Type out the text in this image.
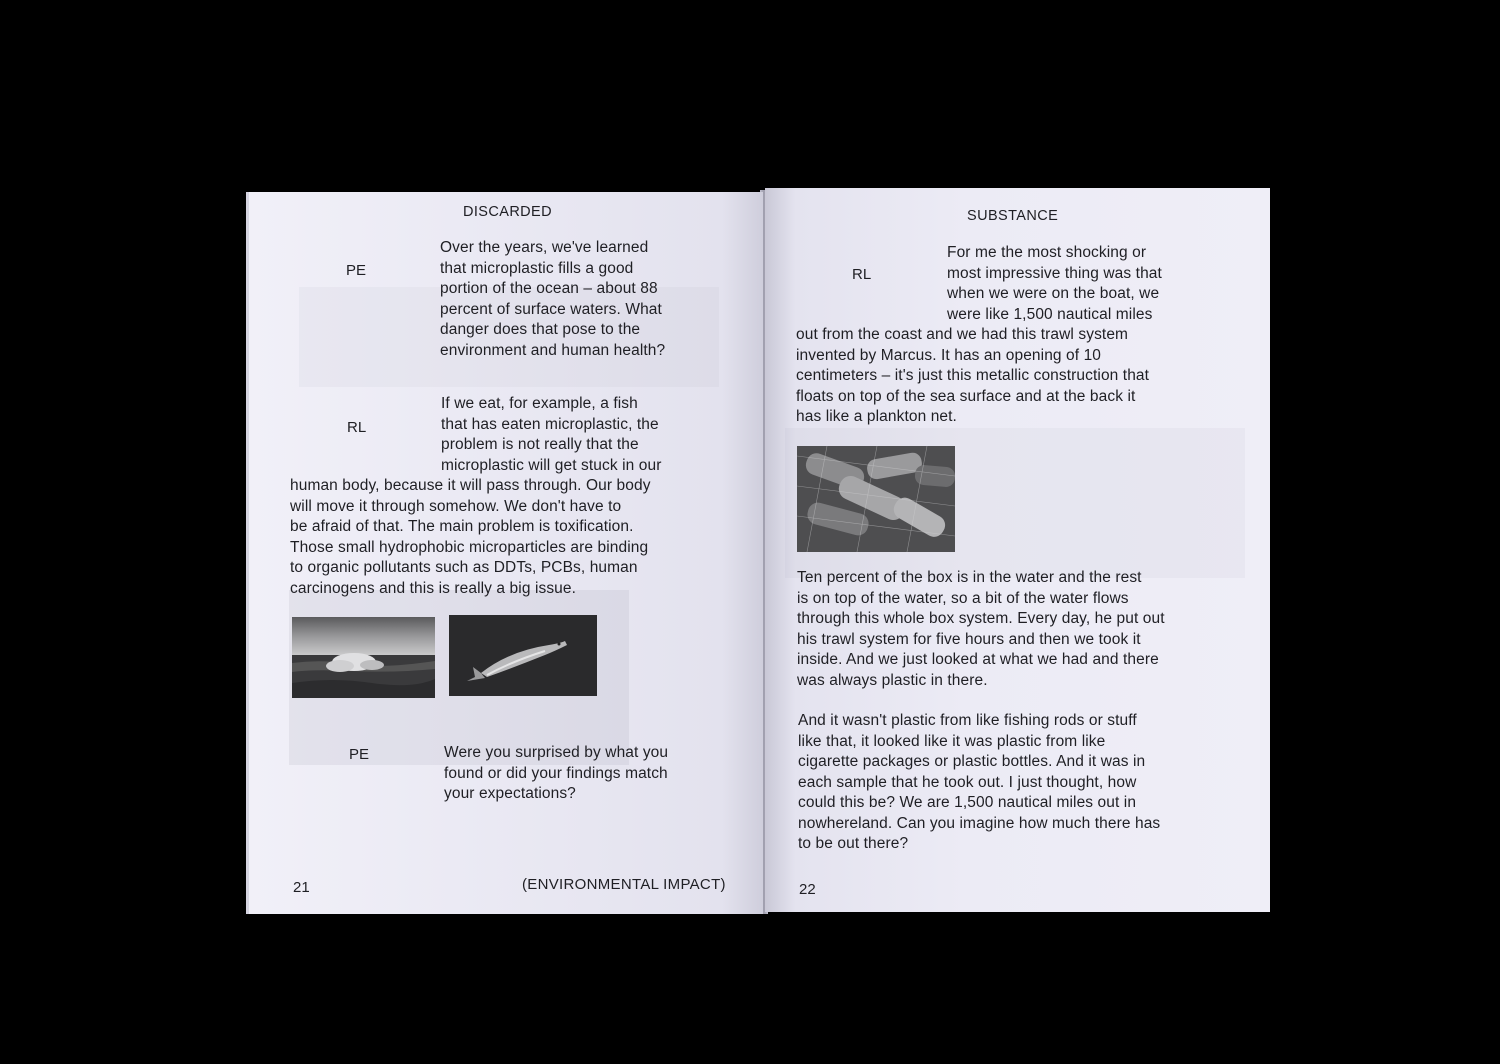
DISCARDED
PE
Over the years, we've learned
that microplastic fills a good
portion of the ocean – about 88
percent of surface waters. What
danger does that pose to the
environment and human health?
RL
If we eat, for example, a fish
that has eaten microplastic, the
problem is not really that the
microplastic will get stuck in our
human body, because it will pass through. Our body
will move it through somehow. We don't have to
be afraid of that. The main problem is toxification.
Those small hydrophobic microparticles are binding
to organic pollutants such as DDTs, PCBs, human
carcinogens and this is really a big issue.
PE	Were you surprised by what you
found or did your findings match
your expectations?
21	(ENVIRONMENTAL IMPACT)
SUBSTANCE
RL
For me the most shocking or
most impressive thing was that
when we were on the boat, we
were like 1,500 nautical miles
out from the coast and we had this trawl system
invented by Marcus. It has an opening of 10
centimeters – it's just this metallic construction that
floats on top of the sea surface and at the back it
has like a plankton net.
Ten percent of the box is in the water and the rest
is on top of the water, so a bit of the water flows
through this whole box system. Every day, he put out
his trawl system for five hours and then we took it
inside. And we just looked at what we had and there
was always plastic in there.
And it wasn't plastic from like fishing rods or stuff
like that, it looked like it was plastic from like
cigarette packages or plastic bottles. And it was in
each sample that he took out. I just thought, how
could this be? We are 1,500 nautical miles out in
nowhereland. Can you imagine how much there has
to be out there?
22
